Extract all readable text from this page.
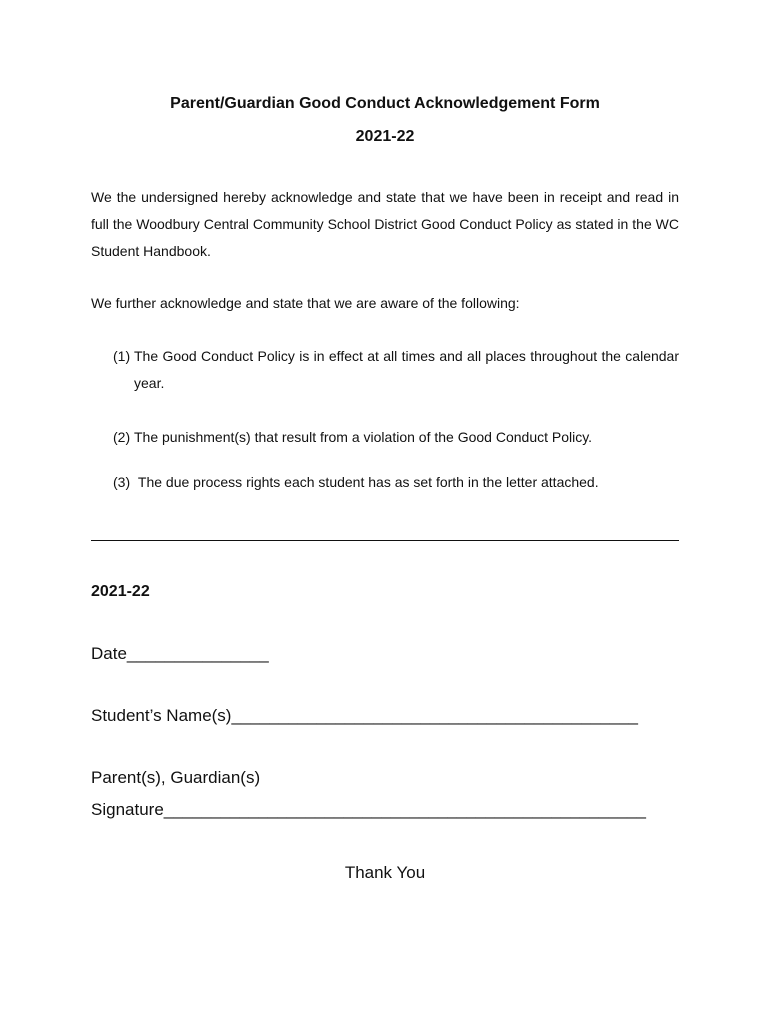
Parent/Guardian Good Conduct Acknowledgement Form

2021-22

We the undersigned hereby acknowledge and state that we have been in receipt and read in full the Woodbury Central Community School District Good Conduct Policy as stated in the WC Student Handbook.

We further acknowledge and state that we are aware of the following:

(1) The Good Conduct Policy is in effect at all times and all places throughout the calendar year.
(2) The punishment(s) that result from a violation of the Good Conduct Policy.
(3) The due process rights each student has as set forth in the letter attached.

2021-22

Date_______________

Student’s Name(s)___________________________________________

Parent(s), Guardian(s)

Signature___________________________________________________

Thank You
